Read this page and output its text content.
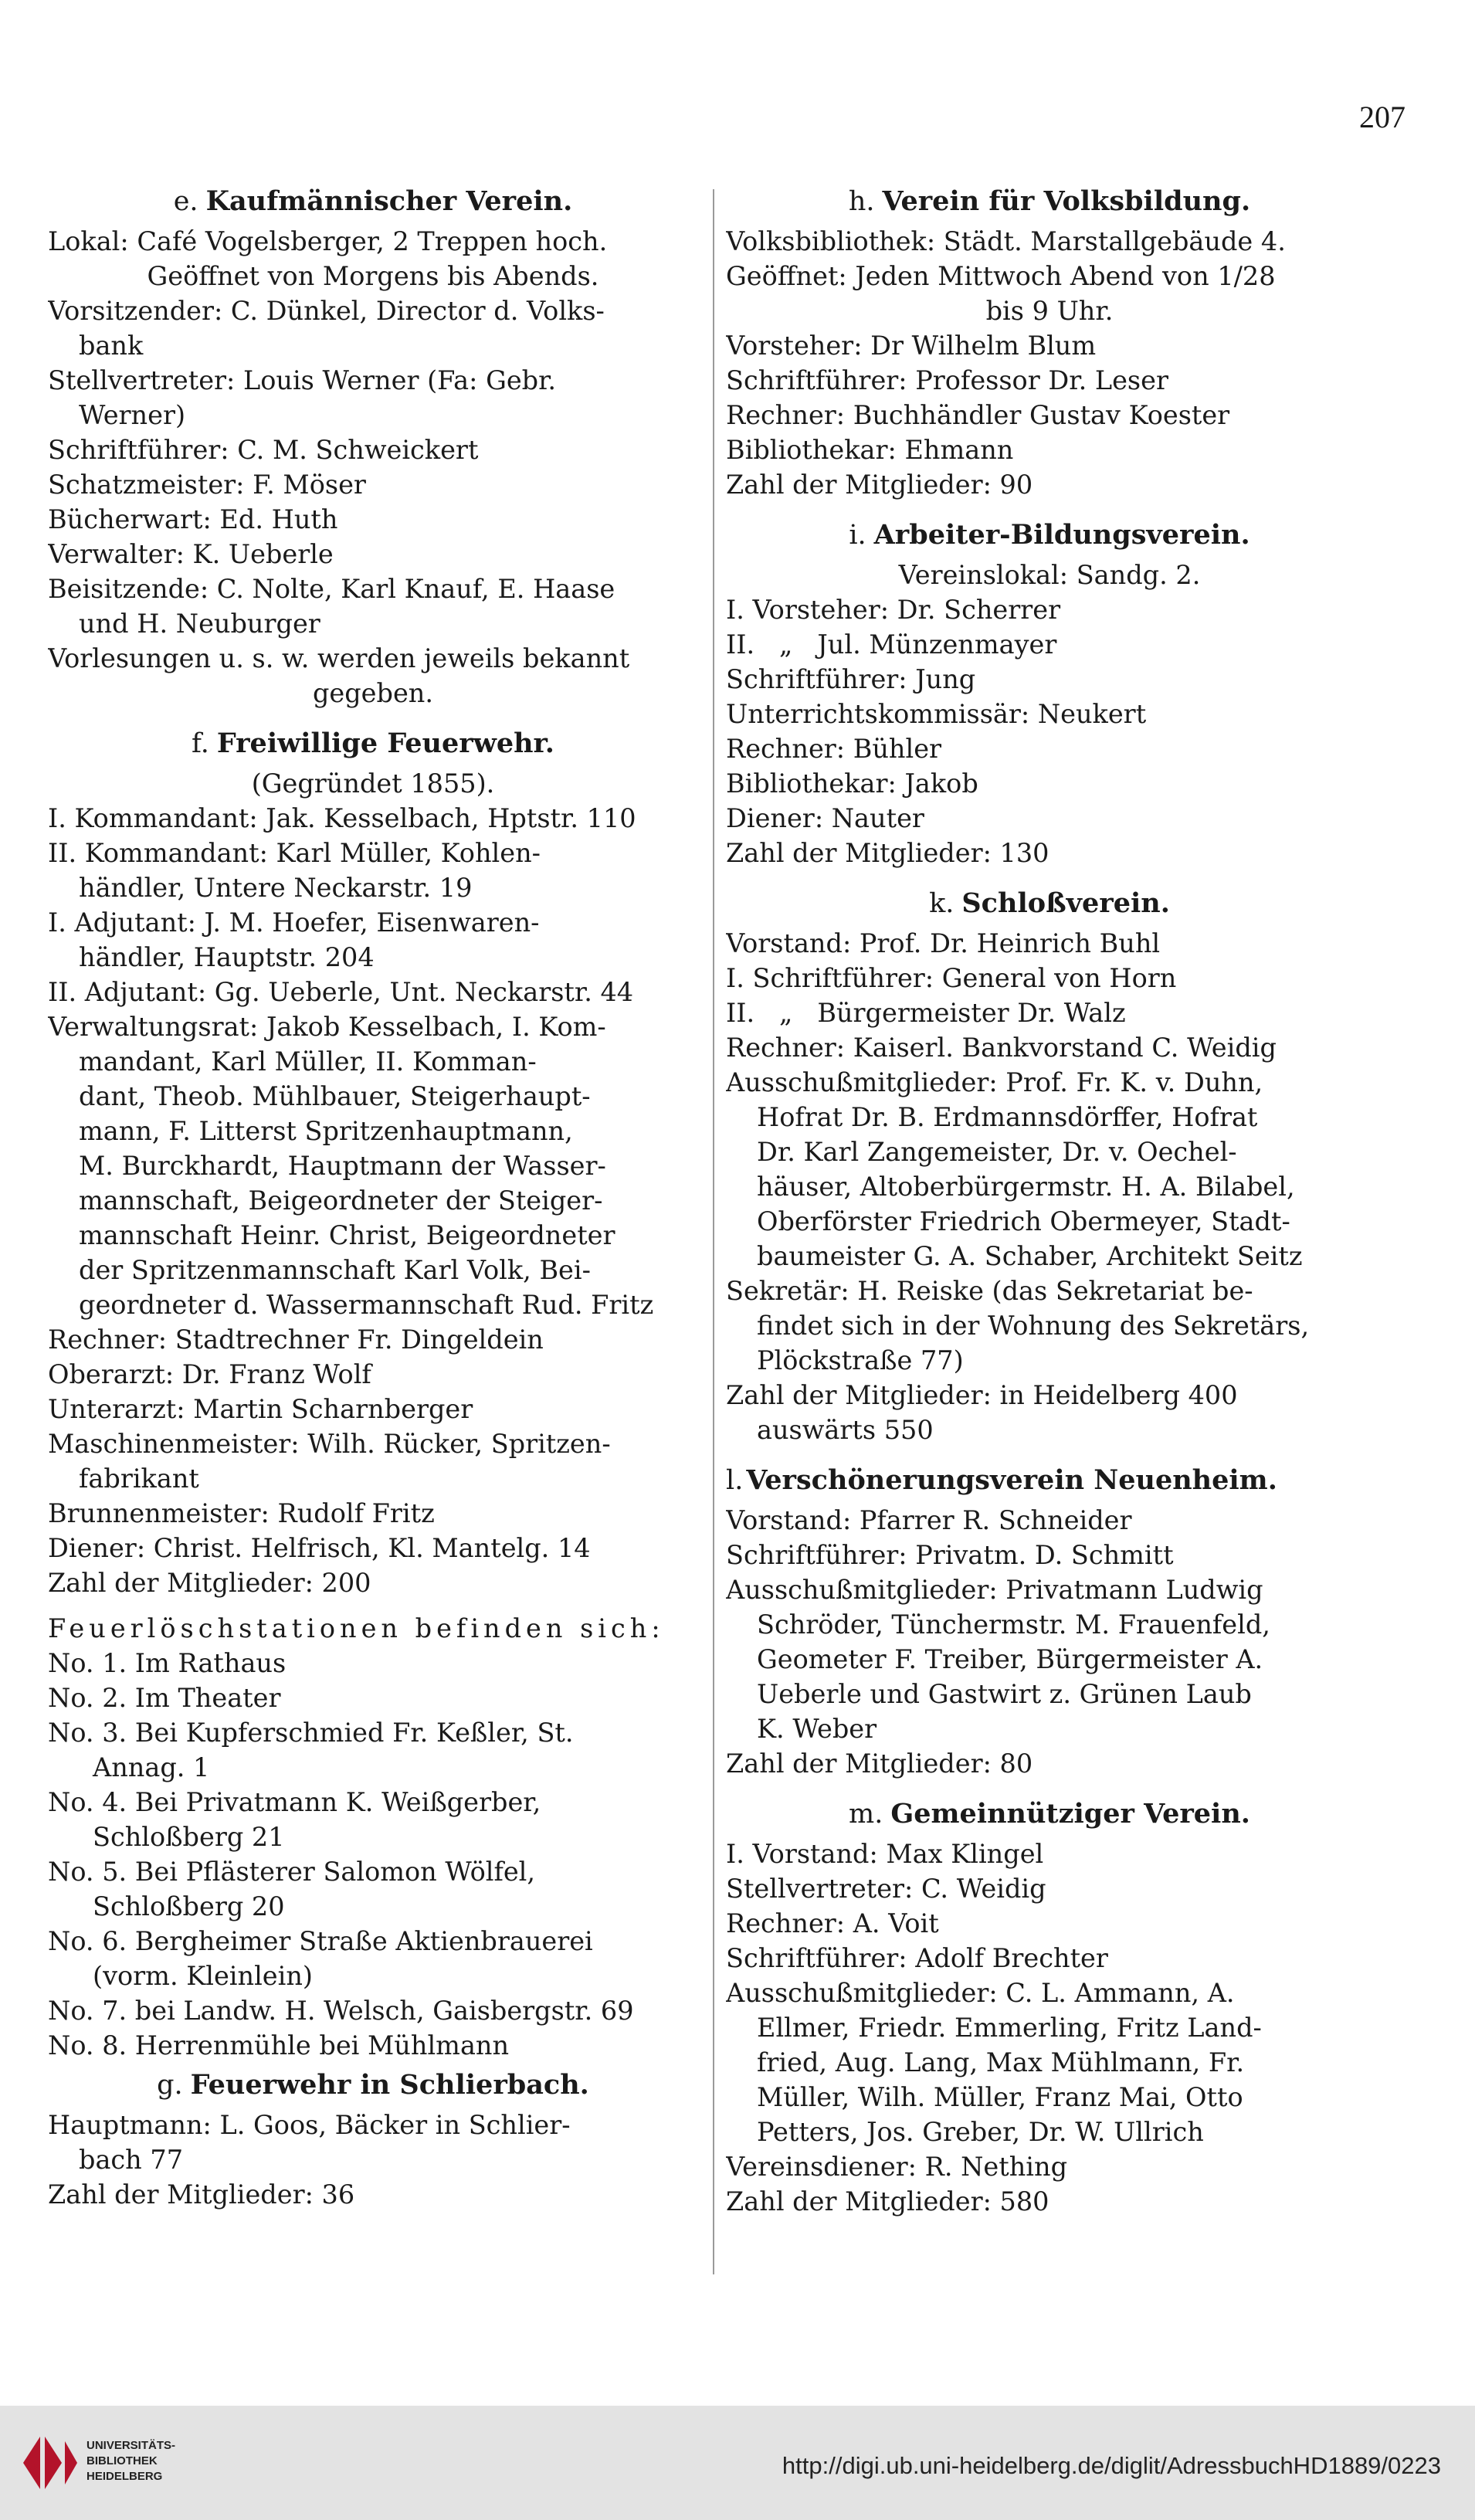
207
e. Kaufmännischer Verein.
Lokal: Café Vogelsberger, 2 Treppen hoch.
Geöffnet von Morgens bis Abends.
Vorsitzender: C. Dünkel, Director d. Volks-
bank
Stellvertreter: Louis Werner (Fa: Gebr.
Werner)
Schriftführer: C. M. Schweickert
Schatzmeister: F. Möser
Bücherwart: Ed. Huth
Verwalter: K. Ueberle
Beisitzende: C. Nolte, Karl Knauf, E. Haase
und H. Neuburger
Vorlesungen u. s. w. werden jeweils bekannt
gegeben.
f. Freiwillige Feuerwehr.
(Gegründet 1855).
I. Kommandant: Jak. Kesselbach, Hptstr. 110
II. Kommandant: Karl Müller, Kohlen-
händler, Untere Neckarstr. 19
I. Adjutant: J. M. Hoefer, Eisenwaren-
händler, Hauptstr. 204
II. Adjutant: Gg. Ueberle, Unt. Neckarstr. 44
Verwaltungsrat: Jakob Kesselbach, I. Kom-
mandant, Karl Müller, II. Komman-
dant, Theob. Mühlbauer, Steigerhaupt-
mann, F. Litterst Spritzenhauptmann,
M. Burckhardt, Hauptmann der Wasser-
mannschaft, Beigeordneter der Steiger-
mannschaft Heinr. Christ, Beigeordneter
der Spritzenmannschaft Karl Volk, Bei-
geordneter d. Wassermannschaft Rud. Fritz
Rechner: Stadtrechner Fr. Dingeldein
Oberarzt: Dr. Franz Wolf
Unterarzt: Martin Scharnberger
Maschinenmeister: Wilh. Rücker, Spritzen-
fabrikant
Brunnenmeister: Rudolf Fritz
Diener: Christ. Helfrisch, Kl. Mantelg. 14
Zahl der Mitglieder: 200
Feuerlöschstationen befinden sich:
No. 1. Im Rathaus
No. 2. Im Theater
No. 3. Bei Kupferschmied Fr. Keßler, St.
Annag. 1
No. 4. Bei Privatmann K. Weißgerber,
Schloßberg 21
No. 5. Bei Pflästerer Salomon Wölfel,
Schloßberg 20
No. 6. Bergheimer Straße Aktienbrauerei
(vorm. Kleinlein)
No. 7. bei Landw. H. Welsch, Gaisbergstr. 69
No. 8. Herrenmühle bei Mühlmann
g. Feuerwehr in Schlierbach.
Hauptmann: L. Goos, Bäcker in Schlier-
bach 77
Zahl der Mitglieder: 36
h. Verein für Volksbildung.
Volksbibliothek: Städt. Marstallgebäude 4.
Geöffnet: Jeden Mittwoch Abend von 1/28
bis 9 Uhr.
Vorsteher: Dr Wilhelm Blum
Schriftführer: Professor Dr. Leser
Rechner: Buchhändler Gustav Koester
Bibliothekar: Ehmann
Zahl der Mitglieder: 90
i. Arbeiter-Bildungsverein.
Vereinslokal: Sandg. 2.
I. Vorsteher: Dr. Scherrer
II.   „   Jul. Münzenmayer
Schriftführer: Jung
Unterrichtskommissär: Neukert
Rechner: Bühler
Bibliothekar: Jakob
Diener: Nauter
Zahl der Mitglieder: 130
k. Schloßverein.
Vorstand: Prof. Dr. Heinrich Buhl
I. Schriftführer: General von Horn
II.   „   Bürgermeister Dr. Walz
Rechner: Kaiserl. Bankvorstand C. Weidig
Ausschußmitglieder: Prof. Fr. K. v. Duhn,
Hofrat Dr. B. Erdmannsdörffer, Hofrat
Dr. Karl Zangemeister, Dr. v. Oechel-
häuser, Altoberbürgermstr. H. A. Bilabel,
Oberförster Friedrich Obermeyer, Stadt-
baumeister G. A. Schaber, Architekt Seitz
Sekretär: H. Reiske (das Sekretariat be-
findet sich in der Wohnung des Sekretärs,
Plöckstraße 77)
Zahl der Mitglieder: in Heidelberg 400
auswärts 550
l. Verschönerungsverein Neuenheim.
Vorstand: Pfarrer R. Schneider
Schriftführer: Privatm. D. Schmitt
Ausschußmitglieder: Privatmann Ludwig
Schröder, Tünchermstr. M. Frauenfeld,
Geometer F. Treiber, Bürgermeister A.
Ueberle und Gastwirt z. Grünen Laub
K. Weber
Zahl der Mitglieder: 80
m. Gemeinnütziger Verein.
I. Vorstand: Max Klingel
Stellvertreter: C. Weidig
Rechner: A. Voit
Schriftführer: Adolf Brechter
Ausschußmitglieder: C. L. Ammann, A.
Ellmer, Friedr. Emmerling, Fritz Land-
fried, Aug. Lang, Max Mühlmann, Fr.
Müller, Wilh. Müller, Franz Mai, Otto
Petters, Jos. Greber, Dr. W. Ullrich
Vereinsdiener: R. Nething
Zahl der Mitglieder: 580
UNIVERSITÄTS-
BIBLIOTHEK
HEIDELBERG	http://digi.ub.uni-heidelberg.de/diglit/AdressbuchHD1889/0223
